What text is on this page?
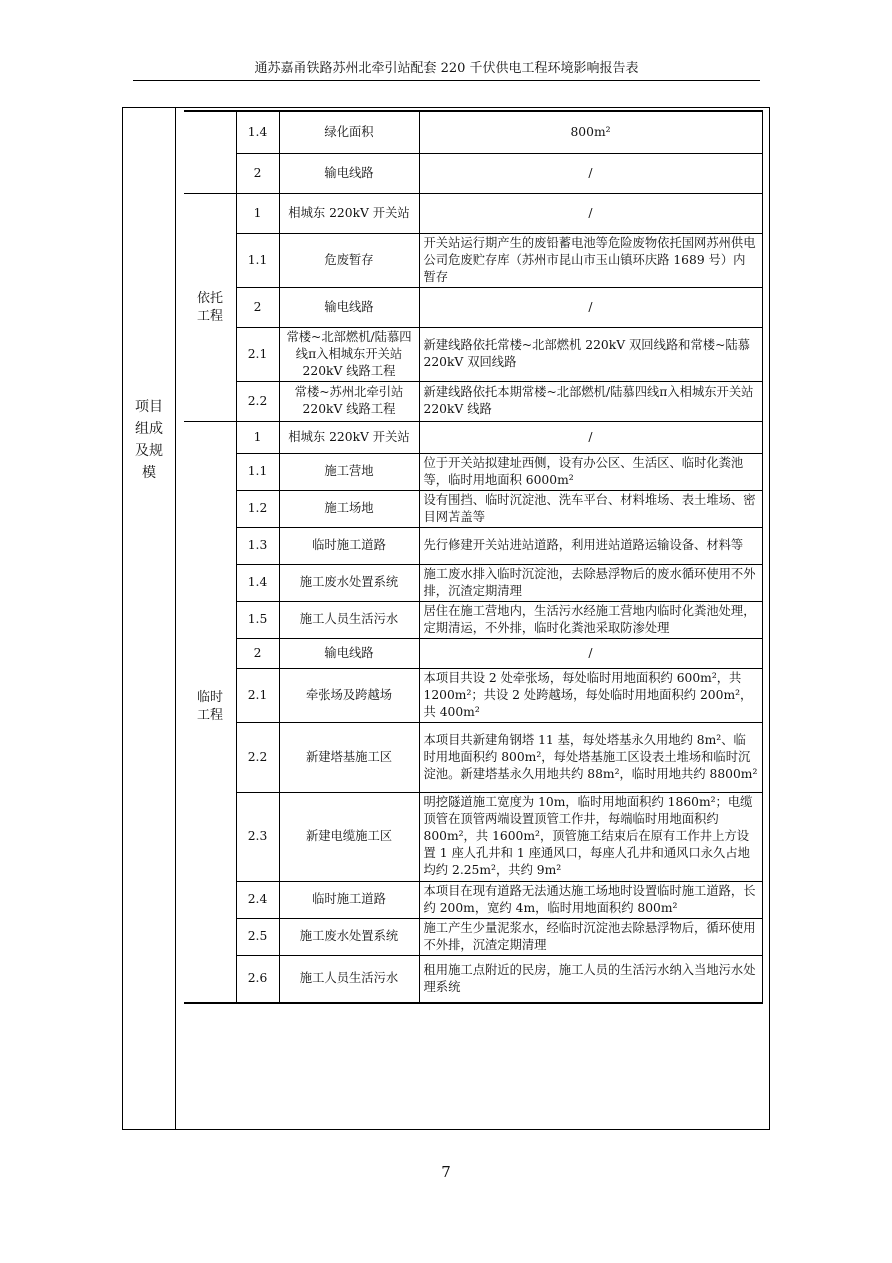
通苏嘉甬铁路苏州北牵引站配套 220 千伏供电工程环境影响报告表
项目组成及规模
依托工程
临时工程
	1.4	绿化面积	800m²
	2	输电线路	/
	1	相城东 220kV 开关站	/
	1.1	危废暂存	开关站运行期产生的废铅蓄电池等危险废物依托国网苏州供电公司危废贮存库（苏州市昆山市玉山镇环庆路 1689 号）内暂存
	2	输电线路	/
	2.1	常楼~北部燃机/陆慕四线π入相城东开关站 220kV 线路工程	新建线路依托常楼~北部燃机 220kV 双回线路和常楼~陆慕 220kV 双回线路
	2.2	常楼~苏州北牵引站 220kV 线路工程	新建线路依托本期常楼~北部燃机/陆慕四线π入相城东开关站 220kV 线路
	1	相城东 220kV 开关站	/
	1.1	施工营地	位于开关站拟建址西侧，设有办公区、生活区、临时化粪池等，临时用地面积 6000m²
	1.2	施工场地	设有围挡、临时沉淀池、洗车平台、材料堆场、表土堆场、密目网苫盖等
	1.3	临时施工道路	先行修建开关站进站道路，利用进站道路运输设备、材料等
	1.4	施工废水处置系统	施工废水排入临时沉淀池，去除悬浮物后的废水循环使用不外排，沉渣定期清理
	1.5	施工人员生活污水	居住在施工营地内，生活污水经施工营地内临时化粪池处理，定期清运，不外排，临时化粪池采取防渗处理
	2	输电线路	/
	2.1	牵张场及跨越场	本项目共设 2 处牵张场，每处临时用地面积约 600m²，共 1200m²；共设 2 处跨越场，每处临时用地面积约 200m²，共 400m²
	2.2	新建塔基施工区	本项目共新建角钢塔 11 基，每处塔基永久用地约 8m²、临时用地面积约 800m²，每处塔基施工区设表土堆场和临时沉淀池。新建塔基永久用地共约 88m²，临时用地共约 8800m²
	2.3	新建电缆施工区	明挖隧道施工宽度为 10m，临时用地面积约 1860m²；电缆顶管在顶管两端设置顶管工作井，每端临时用地面积约 800m²，共 1600m²，顶管施工结束后在原有工作井上方设置 1 座人孔井和 1 座通风口，每座人孔井和通风口永久占地均约 2.25m²，共约 9m²
	2.4	临时施工道路	本项目在现有道路无法通达施工场地时设置临时施工道路，长约 200m，宽约 4m，临时用地面积约 800m²
	2.5	施工废水处置系统	施工产生少量泥浆水，经临时沉淀池去除悬浮物后，循环使用不外排，沉渣定期清理
	2.6	施工人员生活污水	租用施工点附近的民房，施工人员的生活污水纳入当地污水处理系统
7
